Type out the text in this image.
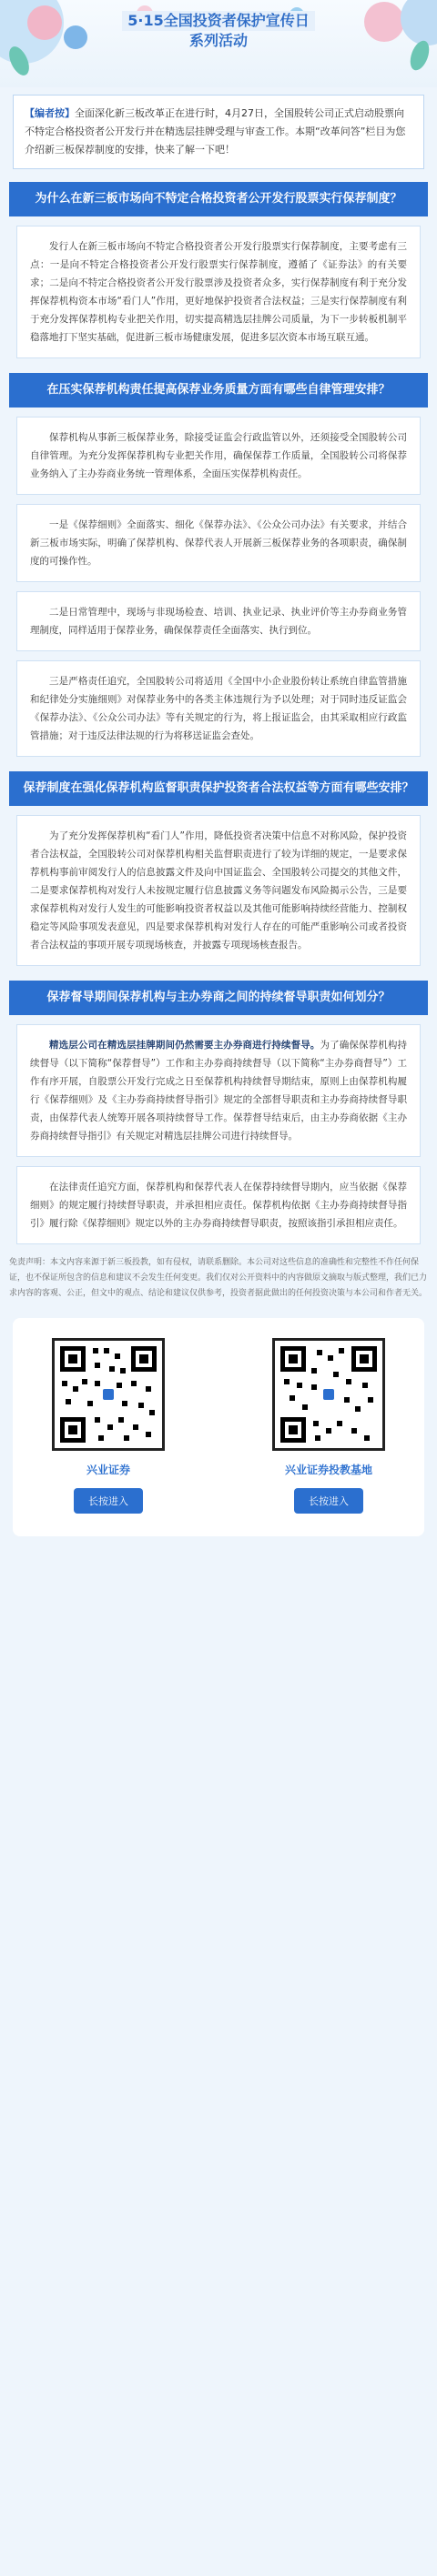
5·15全国投资者保护宣传日
系列活动
【编者按】全面深化新三板改革正在进行时，4月27日，全国股转公司正式启动股票向不特定合格投资者公开发行并在精选层挂牌受理与审查工作。本期“改革问答”栏目为您介绍新三板保荐制度的安排，快来了解一下吧！
为什么在新三板市场向不特定合格投资者公开发行股票实行保荐制度？

发行人在新三板市场向不特定合格投资者公开发行股票实行保荐制度，主要考虑有三点：一是向不特定合格投资者公开发行股票实行保荐制度，遵循了《证券法》的有关要求；二是向不特定合格投资者公开发行股票涉及投资者众多，实行保荐制度有利于充分发挥保荐机构资本市场“看门人”作用，更好地保护投资者合法权益；三是实行保荐制度有利于充分发挥保荐机构专业把关作用，切实提高精选层挂牌公司质量，为下一步转板机制平稳落地打下坚实基础，促进新三板市场健康发展，促进多层次资本市场互联互通。

在压实保荐机构责任提高保荐业务质量方面有哪些自律管理安排？

保荐机构从事新三板保荐业务，除接受证监会行政监管以外，还须接受全国股转公司自律管理。为充分发挥保荐机构专业把关作用，确保保荐工作质量，全国股转公司将保荐业务纳入了主办券商业务统一管理体系，全面压实保荐机构责任。

一是《保荐细则》全面落实、细化《保荐办法》、《公众公司办法》有关要求，并结合新三板市场实际，明确了保荐机构、保荐代表人开展新三板保荐业务的各项职责，确保制度的可操作性。

二是日常管理中，现场与非现场检查、培训、执业记录、执业评价等主办券商业务管理制度，同样适用于保荐业务，确保保荐责任全面落实、执行到位。

三是严格责任追究，全国股转公司将适用《全国中小企业股份转让系统自律监管措施和纪律处分实施细则》对保荐业务中的各类主体违规行为予以处理；对于同时违反证监会《保荐办法》、《公众公司办法》等有关规定的行为，将上报证监会，由其采取相应行政监管措施；对于违反法律法规的行为将移送证监会查处。

保荐制度在强化保荐机构监督职责保护投资者合法权益等方面有哪些安排？

为了充分发挥保荐机构“看门人”作用，降低投资者决策中信息不对称风险，保护投资者合法权益，全国股转公司对保荐机构相关监督职责进行了较为详细的规定，一是要求保荐机构事前审阅发行人的信息披露文件及向中国证监会、全国股转公司提交的其他文件，二是要求保荐机构对发行人未按规定履行信息披露义务等问题发布风险揭示公告，三是要求保荐机构对发行人发生的可能影响投资者权益以及其他可能影响持续经营能力、控制权稳定等风险事项发表意见，四是要求保荐机构对发行人存在的可能严重影响公司或者投资者合法权益的事项开展专项现场核查，并披露专项现场核查报告。

保荐督导期间保荐机构与主办券商之间的持续督导职责如何划分？

精选层公司在精选层挂牌期间仍然需要主办券商进行持续督导。为了确保保荐机构持续督导（以下简称“保荐督导”）工作和主办券商持续督导（以下简称“主办券商督导”）工作有序开展，自股票公开发行完成之日至保荐机构持续督导期结束，原则上由保荐机构履行《保荐细则》及《主办券商持续督导指引》规定的全部督导职责和主办券商持续督导职责，由保荐代表人统筹开展各项持续督导工作。保荐督导结束后，由主办券商依据《主办券商持续督导指引》有关规定对精选层挂牌公司进行持续督导。

在法律责任追究方面，保荐机构和保荐代表人在保荐持续督导期内，应当依据《保荐细则》的规定履行持续督导职责，并承担相应责任。保荐机构依据《主办券商持续督导指引》履行除《保荐细则》规定以外的主办券商持续督导职责，按照该指引承担相应责任。

免责声明：本文内容来源于新三板投教，如有侵权，请联系删除。本公司对这些信息的准确性和完整性不作任何保证，也不保证所包含的信息和建议不会发生任何变更。我们仅对公开资料中的内容做原文摘取与版式整理，我们已力求内容的客观、公正，但文中的观点、结论和建议仅供参考，投资者据此做出的任何投资决策与本公司和作者无关。
兴业证券
长按进入
兴业证券投教基地
长按进入
